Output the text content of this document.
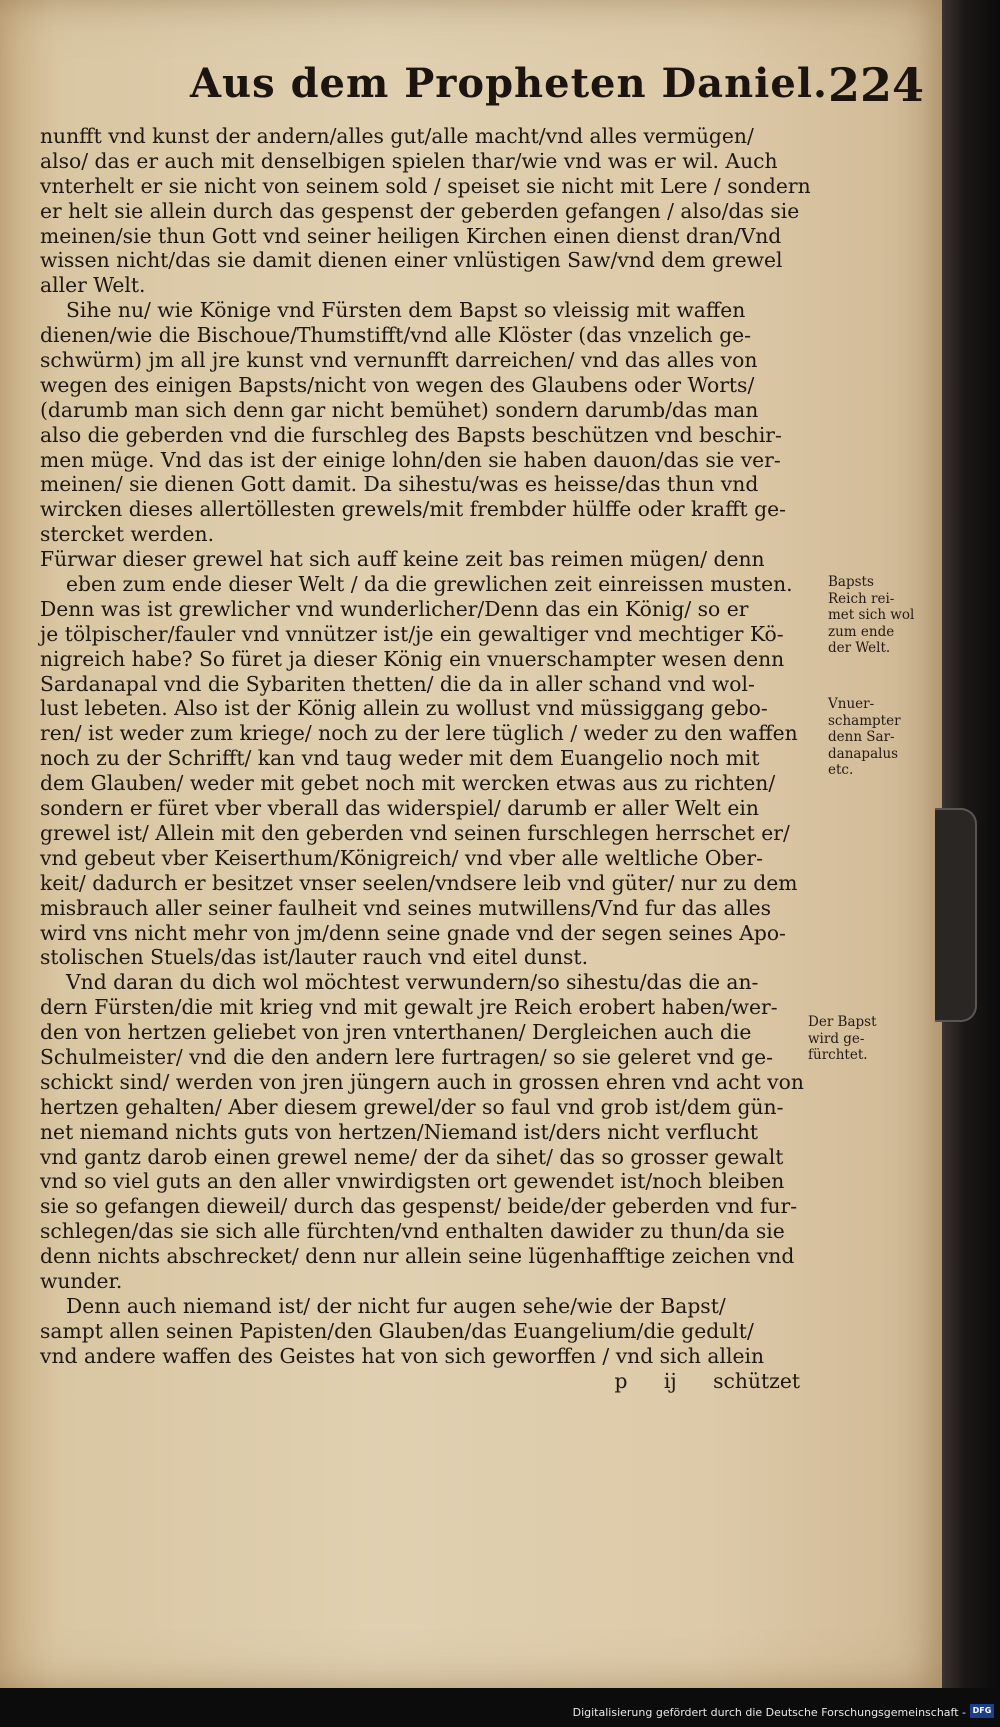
Aus dem Propheten Daniel. 224
nunfft vnd kunst der andern/alles gut/alle macht/vnd alles vermügen/
also/ das er auch mit denselbigen spielen thar/wie vnd was er wil. Auch
vnterhelt er sie nicht von seinem sold / speiset sie nicht mit Lere / sondern
er helt sie allein durch das gespenst der geberden gefangen / also/das sie
meinen/sie thun Gott vnd seiner heiligen Kirchen einen dienst dran/Vnd
wissen nicht/das sie damit dienen einer vnlüstigen Saw/vnd dem grewel
aller Welt.
Sihe nu/ wie Könige vnd Fürsten dem Bapst so vleissig mit waffen
dienen/wie die Bischoue/Thumstifft/vnd alle Klöster (das vnzelich ge-
schwürm) jm all jre kunst vnd vernunfft darreichen/ vnd das alles von
wegen des einigen Bapsts/nicht von wegen des Glaubens oder Worts/
(darumb man sich denn gar nicht bemühet) sondern darumb/das man
also die geberden vnd die furschleg des Bapsts beschützen vnd beschir-
men müge. Vnd das ist der einige lohn/den sie haben dauon/das sie ver-
meinen/ sie dienen Gott damit. Da sihestu/was es heisse/das thun vnd
wircken dieses allertöllesten grewels/mit frembder hülffe oder krafft ge-
stercket werden.
Fürwar dieser grewel hat sich auff keine zeit bas reimen mügen/ denn
eben zum ende dieser Welt / da die grewlichen zeit einreissen musten.
Denn was ist grewlicher vnd wunderlicher/Denn das ein König/ so er
je tölpischer/fauler vnd vnnützer ist/je ein gewaltiger vnd mechtiger Kö-
nigreich habe? So füret ja dieser König ein vnuerschampter wesen denn
Sardanapal vnd die Sybariten thetten/ die da in aller schand vnd wol-
lust lebeten. Also ist der König allein zu wollust vnd müssiggang gebo-
ren/ ist weder zum kriege/ noch zu der lere tüglich / weder zu den waffen
noch zu der Schrifft/ kan vnd taug weder mit dem Euangelio noch mit
dem Glauben/ weder mit gebet noch mit wercken etwas aus zu richten/
sondern er füret vber vberall das widerspiel/ darumb er aller Welt ein
grewel ist/ Allein mit den geberden vnd seinen furschlegen herrschet er/
vnd gebeut vber Keiserthum/Königreich/ vnd vber alle weltliche Ober-
keit/ dadurch er besitzet vnser seelen/vndsere leib vnd güter/ nur zu dem
misbrauch aller seiner faulheit vnd seines mutwillens/Vnd fur das alles
wird vns nicht mehr von jm/denn seine gnade vnd der segen seines Apo-
stolischen Stuels/das ist/lauter rauch vnd eitel dunst.
Vnd daran du dich wol möchtest verwundern/so sihestu/das die an-
dern Fürsten/die mit krieg vnd mit gewalt jre Reich erobert haben/wer-
den von hertzen geliebet von jren vnterthanen/ Dergleichen auch die
Schulmeister/ vnd die den andern lere furtragen/ so sie geleret vnd ge-
schickt sind/ werden von jren jüngern auch in grossen ehren vnd acht von
hertzen gehalten/ Aber diesem grewel/der so faul vnd grob ist/dem gün-
net niemand nichts guts von hertzen/Niemand ist/ders nicht verflucht
vnd gantz darob einen grewel neme/ der da sihet/ das so grosser gewalt
vnd so viel guts an den aller vnwirdigsten ort gewendet ist/noch bleiben
sie so gefangen dieweil/ durch das gespenst/ beide/der geberden vnd fur-
schlegen/das sie sich alle fürchten/vnd enthalten dawider zu thun/da sie
denn nichts abschrecket/ denn nur allein seine lügenhafftige zeichen vnd
wunder.
Denn auch niemand ist/ der nicht fur augen sehe/wie der Bapst/
sampt allen seinen Papisten/den Glauben/das Euangelium/die gedult/
vnd andere waffen des Geistes hat von sich geworffen / vnd sich allein
p ij schützet
Bapsts
Reich rei-
met sich wol
zum ende
der Welt.
Vnuer-
schampter
denn Sar-
danapalus
etc.
Der Bapst
wird ge-
fürchtet.
Digitalisierung gefördert durch die Deutsche Forschungsgemeinschaft - DFG
